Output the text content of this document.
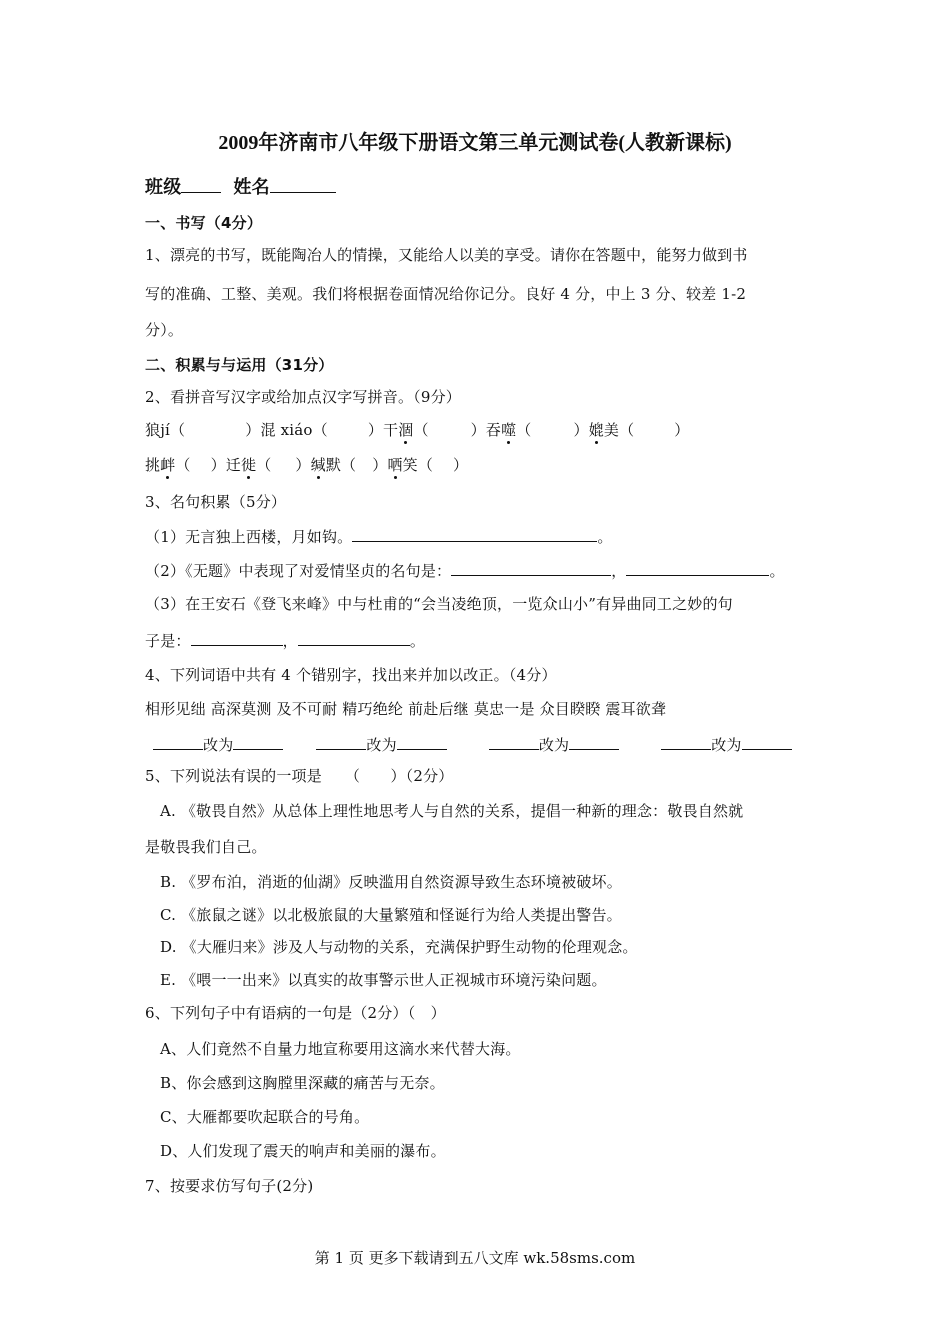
2009年济南市八年级下册语文第三单元测试卷(人教新课标)
班级	姓名
一、书写（4分）
1、漂亮的书写，既能陶冶人的情操，又能给人以美的享受。请你在答题中，能努力做到书
写的准确、工整、美观。我们将根据卷面情况给你记分。良好 4 分，中上 3 分、较差 1-2
分）。
二、积累与与运用（31分）
2、看拼音写汉字或给加点汉字写拼音。（9分）
狼jí（	）混 xiáo（	）干涸（	）吞噬（	）媲美（	）
挑衅（ ）迁徙（ ）缄默（ ）哂笑（ ）
3、名句积累（5分）
（1）无言独上西楼，月如钩。	。
（2）《无题》中表现了对爱情坚贞的名句是：	，	。
（3）在王安石《登飞来峰》中与杜甫的“会当凌绝顶，一览众山小”有异曲同工之妙的句
子是：	，	。
4、下列词语中共有 4 个错别字，找出来并加以改正。（4分）
相形见绌 高深莫测 及不可耐 精巧绝纶 前赴后继 莫忠一是 众目睽睽 震耳欲聋
改为	改为	改为	改为
5、下列说法有误的一项是　　（　　）（2分）
A. 《敬畏自然》从总体上理性地思考人与自然的关系，提倡一种新的理念：敬畏自然就
是敬畏我们自己。
B. 《罗布泊，消逝的仙湖》反映滥用自然资源导致生态环境被破坏。
C. 《旅鼠之谜》以北极旅鼠的大量繁殖和怪诞行为给人类提出警告。
D. 《大雁归来》涉及人与动物的关系，充满保护野生动物的伦理观念。
E. 《喂一一出来》以真实的故事警示世人正视城市环境污染问题。
6、下列句子中有语病的一句是（2分）（　）
A、人们竟然不自量力地宣称要用这滴水来代替大海。
B、你会感到这胸膛里深藏的痛苦与无奈。
C、大雁都要吹起联合的号角。
D、人们发现了震天的响声和美丽的瀑布。
7、按要求仿写句子(2分)
第 1 页 更多下载请到五八文库 wk.58sms.com
